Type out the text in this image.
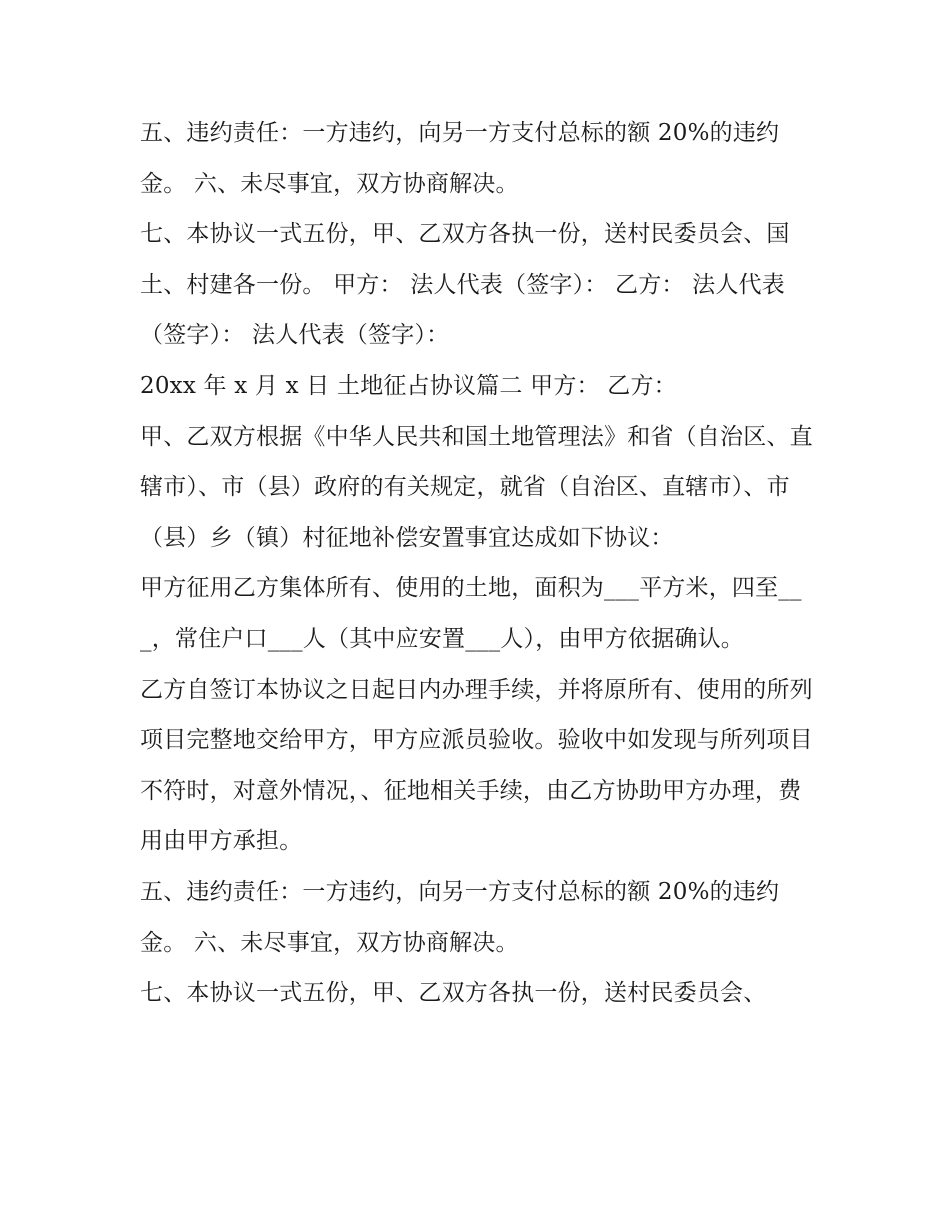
五、违约责任：一方违约，向另一方支付总标的额 20%的违约金。 六、未尽事宜，双方协商解决。

七、本协议一式五份，甲、乙双方各执一份，送村民委员会、国土、村建各一份。 甲方： 法人代表（签字）： 乙方： 法人代表（签字）： 法人代表（签字）：

20xx 年 x 月 x 日 土地征占协议篇二 甲方： 乙方：

甲、乙双方根据《中华人民共和国土地管理法》和省（自治区、直辖市）、市（县）政府的有关规定，就省（自治区、直辖市）、市（县）乡（镇）村征地补偿安置事宜达成如下协议：

甲方征用乙方集体所有、使用的土地，面积为___平方米，四至___，常住户口___人（其中应安置___人），由甲方依据确认。

乙方自签订本协议之日起日内办理手续，并将原所有、使用的所列项目完整地交给甲方，甲方应派员验收。验收中如发现与所列项目不符时，对意外情况，、征地相关手续，由乙方协助甲方办理，费用由甲方承担。

五、违约责任：一方违约，向另一方支付总标的额 20%的违约金。 六、未尽事宜，双方协商解决。

七、本协议一式五份，甲、乙双方各执一份，送村民委员会、
